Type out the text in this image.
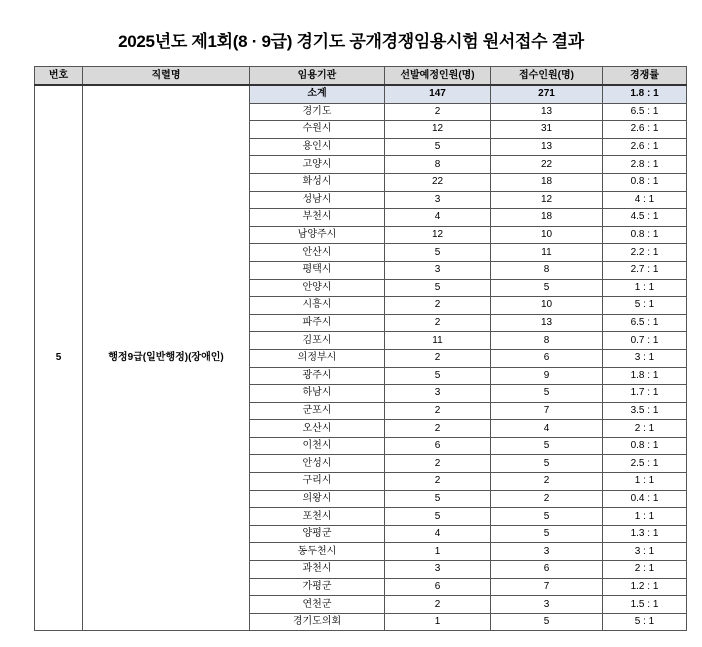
2025년도 제1회(8 · 9급) 경기도 공개경쟁임용시험 원서접수 결과
번호	직렬명	임용기관	선발예정인원(명)	접수인원(명)	경쟁률
5	행정9급(일반행정)(장애인)	소계	147	271	1.8 : 1
		경기도	2	13	6.5 : 1
		수원시	12	31	2.6 : 1
		용인시	5	13	2.6 : 1
		고양시	8	22	2.8 : 1
		화성시	22	18	0.8 : 1
		성남시	3	12	4 : 1
		부천시	4	18	4.5 : 1
		남양주시	12	10	0.8 : 1
		안산시	5	11	2.2 : 1
		평택시	3	8	2.7 : 1
		안양시	5	5	1 : 1
		시흥시	2	10	5 : 1
		파주시	2	13	6.5 : 1
		김포시	11	8	0.7 : 1
		의정부시	2	6	3 : 1
		광주시	5	9	1.8 : 1
		하남시	3	5	1.7 : 1
		군포시	2	7	3.5 : 1
		오산시	2	4	2 : 1
		이천시	6	5	0.8 : 1
		안성시	2	5	2.5 : 1
		구리시	2	2	1 : 1
		의왕시	5	2	0.4 : 1
		포천시	5	5	1 : 1
		양평군	4	5	1.3 : 1
		동두천시	1	3	3 : 1
		과천시	3	6	2 : 1
		가평군	6	7	1.2 : 1
		연천군	2	3	1.5 : 1
		경기도의회	1	5	5 : 1
